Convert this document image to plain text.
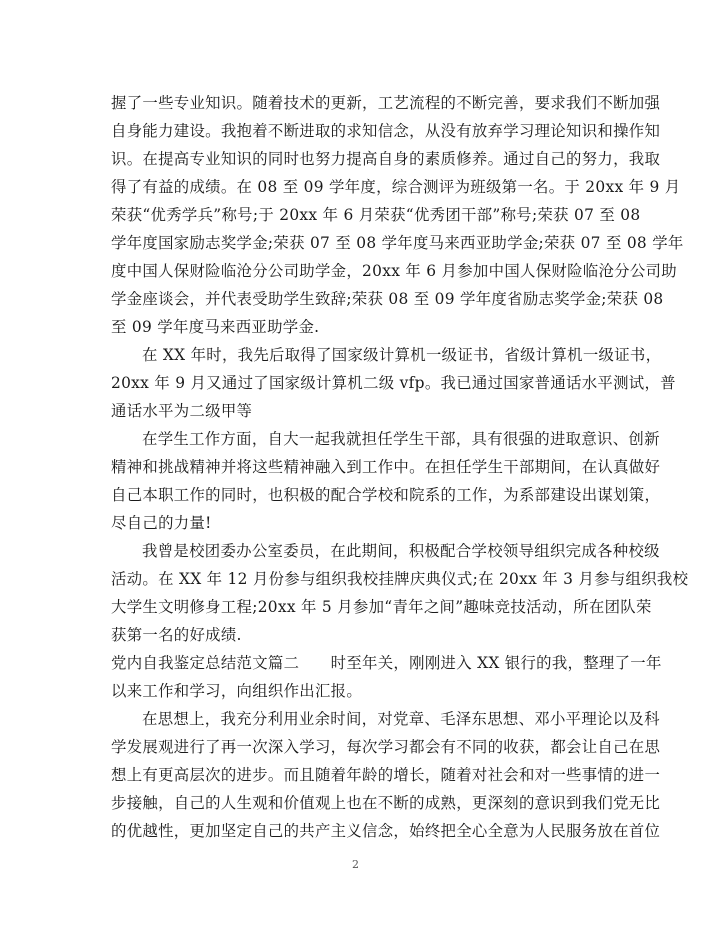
握了一些专业知识。随着技术的更新，工艺流程的不断完善，要求我们不断加强
自身能力建设。我抱着不断进取的求知信念，从没有放弃学习理论知识和操作知
识。在提高专业知识的同时也努力提高自身的素质修养。通过自己的努力，我取
得了有益的成绩。在 08 至 09 学年度，综合测评为班级第一名。于 20xx 年 9 月
荣获“优秀学兵”称号;于 20xx 年 6 月荣获“优秀团干部”称号;荣获 07 至 08
学年度国家励志奖学金;荣获 07 至 08 学年度马来西亚助学金;荣获 07 至 08 学年
度中国人保财险临沧分公司助学金，20xx 年 6 月参加中国人保财险临沧分公司助
学金座谈会，并代表受助学生致辞;荣获 08 至 09 学年度省励志奖学金;荣获 08
至 09 学年度马来西亚助学金.
在 XX 年时，我先后取得了国家级计算机一级证书，省级计算机一级证书，
20xx 年 9 月又通过了国家级计算机二级 vfp。我已通过国家普通话水平测试，普
通话水平为二级甲等
在学生工作方面，自大一起我就担任学生干部，具有很强的进取意识、创新
精神和挑战精神并将这些精神融入到工作中。在担任学生干部期间，在认真做好
自己本职工作的同时，也积极的配合学校和院系的工作，为系部建设出谋划策，
尽自己的力量!
我曾是校团委办公室委员，在此期间，积极配合学校领导组织完成各种校级
活动。在 XX 年 12 月份参与组织我校挂牌庆典仪式;在 20xx 年 3 月参与组织我校
大学生文明修身工程;20xx 年 5 月参加“青年之间”趣味竞技活动，所在团队荣
获第一名的好成绩.
党内自我鉴定总结范文篇二　　时至年关，刚刚进入 XX 银行的我，整理了一年
以来工作和学习，向组织作出汇报。
在思想上，我充分利用业余时间，对党章、毛泽东思想、邓小平理论以及科
学发展观进行了再一次深入学习，每次学习都会有不同的收获，都会让自己在思
想上有更高层次的进步。而且随着年龄的增长，随着对社会和对一些事情的进一
步接触，自己的人生观和价值观上也在不断的成熟，更深刻的意识到我们党无比
的优越性，更加坚定自己的共产主义信念，始终把全心全意为人民服务放在首位
2
